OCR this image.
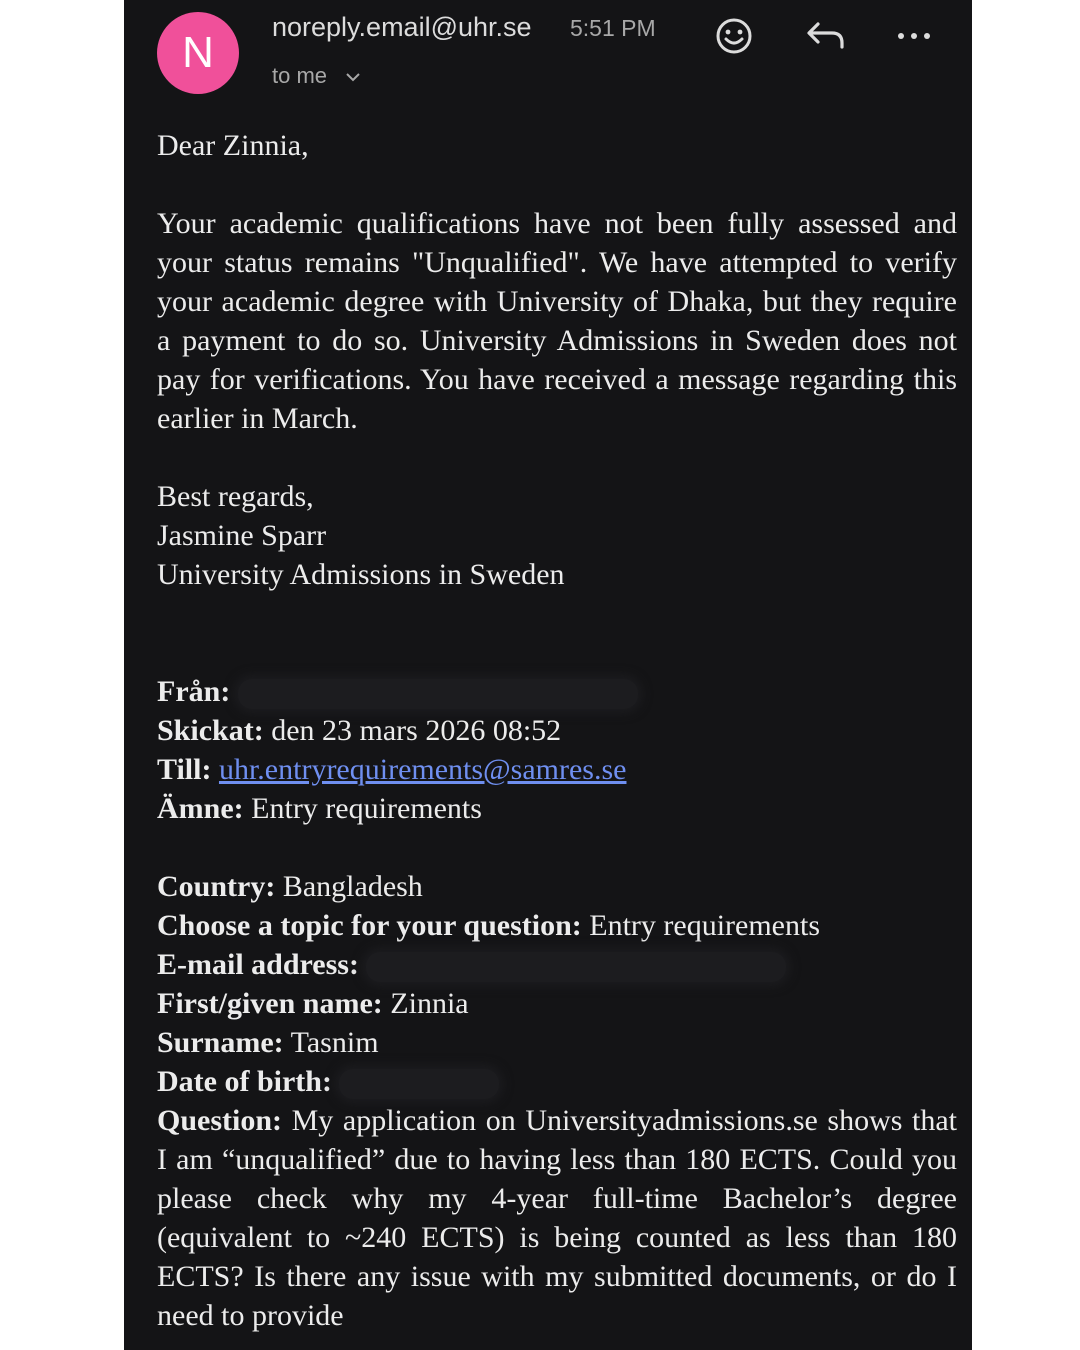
N
noreply.email@uhr.se 5:51 PM
to me

Dear Zinnia,

Your academic qualifications have not been fully assessed and your status remains "Unqualified". We have attempted to verify your academic degree with University of Dhaka, but they require a payment to do so. University Admissions in Sweden does not pay for verifications. You have received a message regarding this earlier in March.

Best regards,

Jasmine Sparr

University Admissions in Sweden

Från:

Skickat: den 23 mars 2026 08:52

Till: uhr.entryrequirements@samres.se

Ämne: Entry requirements

Country: Bangladesh

Choose a topic for your question: Entry requirements

E-mail address:

First/given name: Zinnia

Surname: Tasnim

Date of birth:

Question: My application on Universityadmissions.se shows that I am “unqualified” due to having less than 180 ECTS. Could you please check why my 4-year full-time Bachelor’s degree (equivalent to ~240 ECTS) is being counted as less than 180 ECTS? Is there any issue with my submitted documents, or do I need to provide
